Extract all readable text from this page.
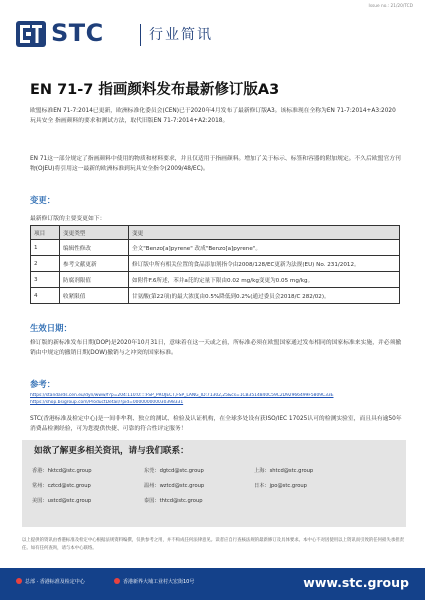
Issue no.: 21/20/TCD
STC	行业简讯
EN 71-7 指画颜料发布最新修订版A3

欧盟标准EN 71-7:2014已更新，欧洲标准化委员会(CEN)已于2020年4月发布了最新修订版A3。该标准现在全称为EN 71-7:2014+A3:2020 玩具安全 指画颜料的要求和测试方法，取代旧版EN 71-7:2014+A2:2018。

EN 71这一部分规定了指画颜料中使用的物质和材料要求，并且仅适用于指画颜料。增加了关于标示、标签和容器的附加规定。不久后欧盟官方刊物(OJEU)将引用这一最新的欧洲标准到玩具安全指令(2009/48/EC)。

变更：
最新修订版的主要变更如下：
项目	变更类型	变更
1	编辑性修改	全文"Benzo[a]pyrene" 改成"Benzo[a]pyrene"。
2	参考文献更新	修订版中所有相关位置的食品添加剂指令由2008/128/EC更新为法规(EU) No. 231/2012。
3	防腐剂限值	如附件F.6所述，苯并a芘的定量下限由0.02 mg/kg变更为0.05 mg/kg。
4	收紧限值	甘氨酸(第22项)的最大浓度由0.5%降低到0.2%(通过委员会2018/C 282/02)。
生效日期：

修订版的新标准发布日期(DOP)是2020年10月31日，意味着在这一天或之前，所标准必须在欧盟国家通过发布相同的国家标准来实施，并必须撤销由中规定的撤销日期(DOW)撤销与之冲突的国家标准。

参考：
https://standards.cen.eu/dyn/www/f?p=204:110:0::::FSP_PROJECT,FSP_LANG_ID:71302,25&cs=1CB3514840C59C2D92966499F5809C33E
https://shop.bsigroup.com/ProductDetail/?pid=000000000030398331

STC(香港标准及检定中心)是一间非牟利、独立的测试、检验及认证机构，在全球多处设有获ISO/IEC 17025认可的检测实验室，而且具有逾50年消费品检测经验，可为您提供快捷、可靠的符合性评定服务！

如欲了解更多相关资讯，请与我们联系：
香港：hktcd@stc.group	东莞：dgtcd@stc.group	上海：shtcd@stc.group
常州：cztcd@stc.group	温州：wztcd@stc.group	日本：jpo@stc.group
美国：ustcd@stc.group	泰国：thtcd@stc.group

以上提供的资讯由香港标准及检定中心根据法规资料编撰，仅供参考之用，并不构成任何法律意见。读者应自行查核法规的最新修订及具体要求。本中心不对因使用以上资讯而引致的任何损失承担责任。如有任何查询，请与本中心联络。

总部 · 香港标准及检定中心	香港新界大埔工业村大宏街10号	www.stc.group
